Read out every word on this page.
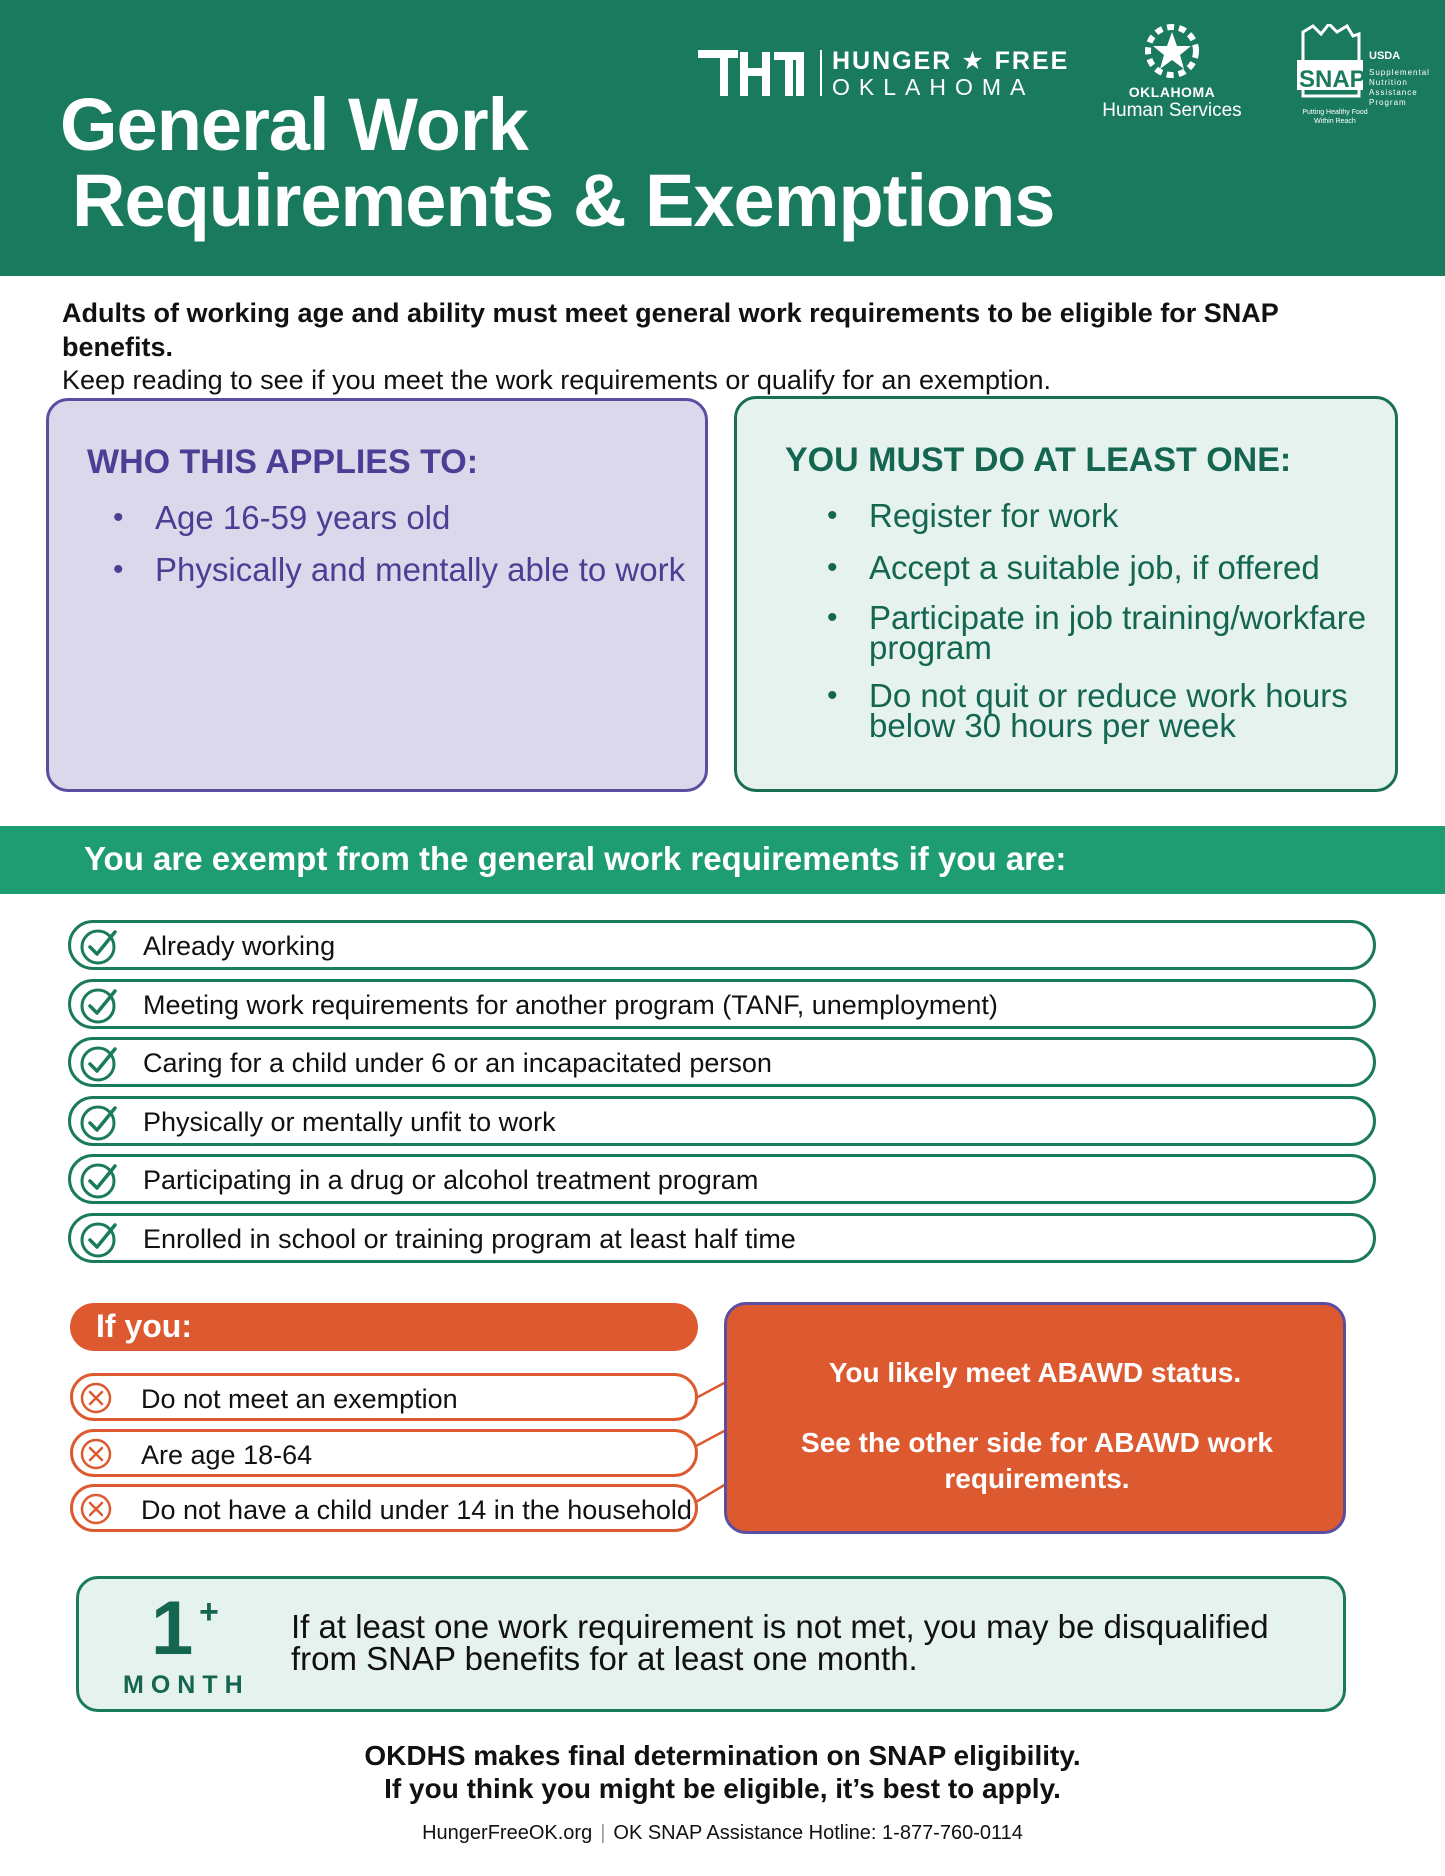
General Work
Requirements & Exemptions
HUNGER ★ FREE
OKLAHOMA	OKLAHOMA
Human Services
SNAP
USDA
Supplemental
Nutrition
Assistance
Program
Putting Healthy Food Within Reach
Adults of working age and ability must meet general work requirements to be eligible for SNAP benefits.
Keep reading to see if you meet the work requirements or qualify for an exemption.
WHO THIS APPLIES TO:
• Age 16-59 years old
• Physically and mentally able to work
YOU MUST DO AT LEAST ONE:
• Register for work
• Accept a suitable job, if offered
• Participate in job training/workfare program
• Do not quit or reduce work hours below 30 hours per week
You are exempt from the general work requirements if you are:
Already working
Meeting work requirements for another program (TANF, unemployment)
Caring for a child under 6 or an incapacitated person
Physically or mentally unfit to work
Participating in a drug or alcohol treatment program
Enrolled in school or training program at least half time
If you:
Do not meet an exemption
Are age 18-64
Do not have a child under 14 in the household
You likely meet ABAWD status.
See the other side for ABAWD work requirements.
1 +
MONTH
If at least one work requirement is not met, you may be disqualified from SNAP benefits for at least one month.
OKDHS makes final determination on SNAP eligibility.
If you think you might be eligible, it’s best to apply.
HungerFreeOK.org | OK SNAP Assistance Hotline: 1-877-760-0114
